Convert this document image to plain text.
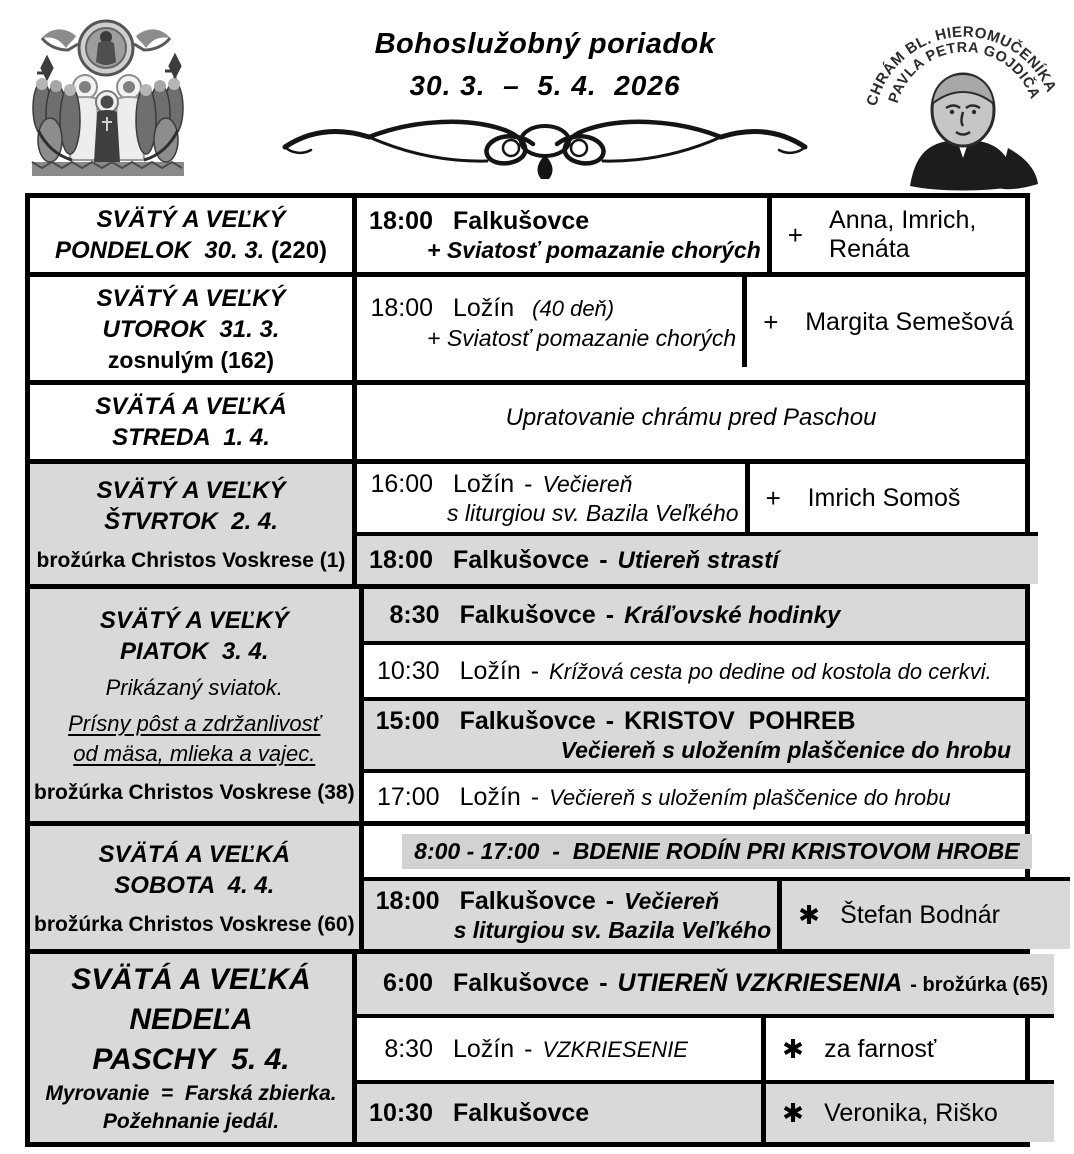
Bohoslužobný poriadok
30. 3.  –  5. 4.  2026	CHRÁM BL. HIEROMUČENÍKA
PAVLA PETRA GOJDIČA
SVÄTÝ A VEĽKÝ
PONDELOK  30. 3. (220)
18:00 Falkušovce
+ Sviatosť pomazanie chorých
+	Anna, Imrich, Renáta
SVÄTÝ A VEĽKÝ
UTOROK  31. 3.
zosnulým (162)
18:00 Ložín (40 deň)
+ Sviatosť pomazanie chorých
+	Margita Semešová
SVÄTÁ A VEĽKÁ
STREDA  1. 4.
Upratovanie chrámu pred Paschou
SVÄTÝ A VEĽKÝ
ŠTVRTOK  2. 4.
brožúrka Christos Voskrese (1)
16:00 Ložín - Večiereň
s liturgiou sv. Bazila Veľkého
+	Imrich Somoš
18:00 Falkušovce - Utiereň strastí
SVÄTÝ A VEĽKÝ
PIATOK  3. 4.
Prikázaný sviatok.
Prísny pôst a zdržanlivosť
od mäsa, mlieka a vajec.
brožúrka Christos Voskrese (38)
8:30 Falkušovce - Kráľovské hodinky
10:30 Ložín - Krížová cesta po dedine od kostola do cerkvi.
15:00 Falkušovce - KRISTOV  POHREB
Večiereň s uložením plaščenice do hrobu
17:00 Ložín - Večiereň s uložením plaščenice do hrobu
SVÄTÁ A VEĽKÁ
SOBOTA  4. 4.
brožúrka Christos Voskrese (60)
8:00 - 17:00  -  BDENIE RODÍN PRI KRISTOVOM HROBE
18:00 Falkušovce - Večiereň
s liturgiou sv. Bazila Veľkého
✱ Štefan Bodnár
SVÄTÁ A VEĽKÁ
NEDEĽA
PASCHY  5. 4.
Myrovanie  =  Farská zbierka.
Požehnanie jedál.
6:00 Falkušovce - UTIEREŇ VZKRIESENIA - brožúrka (65)
8:30 Ložín - VZKRIESENIE	✱ za farnosť
10:30 Falkušovce	✱ Veronika, Riško
